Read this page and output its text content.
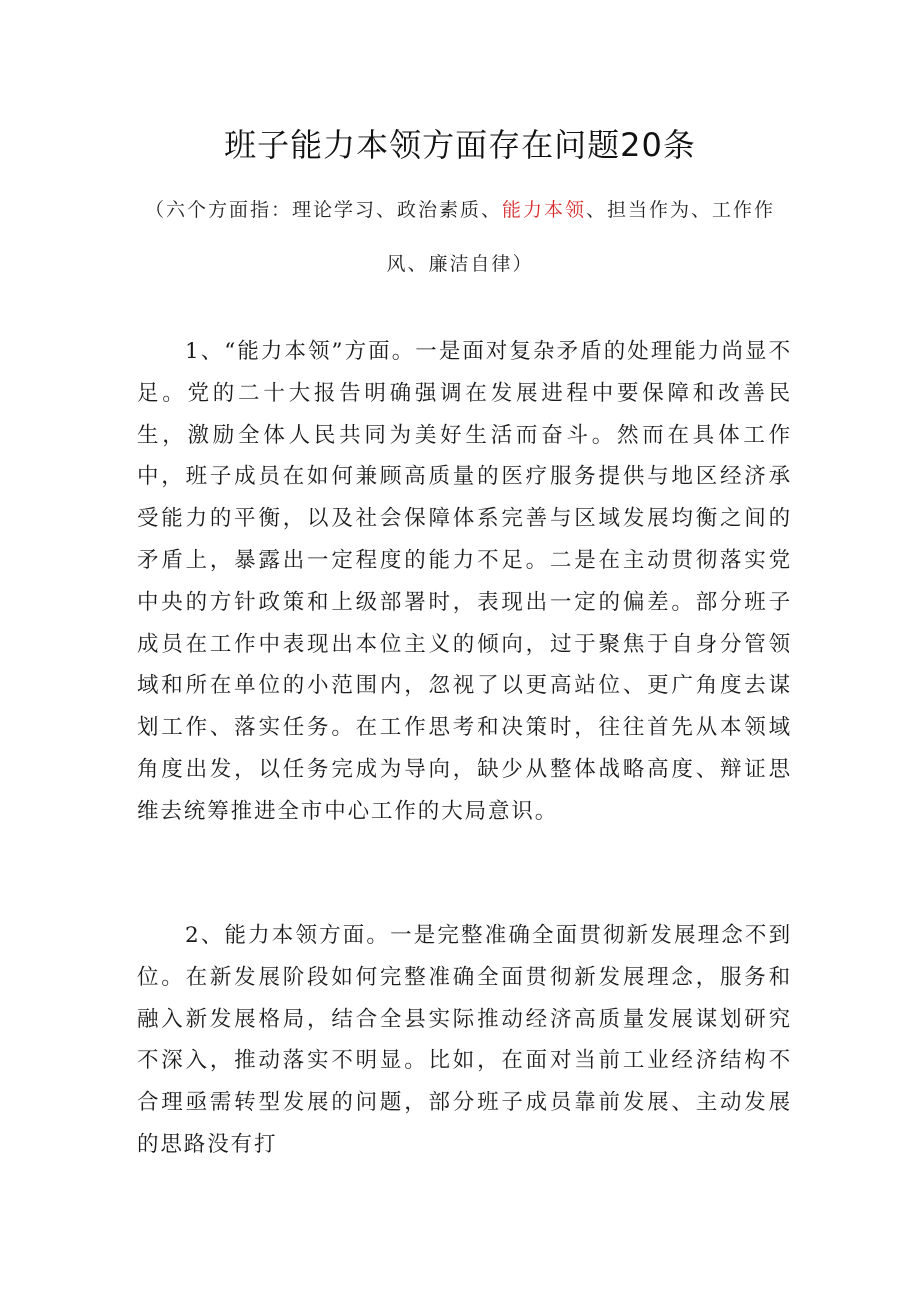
班子能力本领方面存在问题20条
（六个方面指：理论学习、政治素质、能力本领、担当作为、工作作风、廉洁自律）

1、“能力本领”方面。一是面对复杂矛盾的处理能力尚显不足。党的二十大报告明确强调在发展进程中要保障和改善民生，激励全体人民共同为美好生活而奋斗。然而在具体工作中，班子成员在如何兼顾高质量的医疗服务提供与地区经济承受能力的平衡，以及社会保障体系完善与区域发展均衡之间的矛盾上，暴露出一定程度的能力不足。二是在主动贯彻落实党中央的方针政策和上级部署时，表现出一定的偏差。部分班子成员在工作中表现出本位主义的倾向，过于聚焦于自身分管领域和所在单位的小范围内，忽视了以更高站位、更广角度去谋划工作、落实任务。在工作思考和决策时，往往首先从本领域角度出发，以任务完成为导向，缺少从整体战略高度、辩证思维去统筹推进全市中心工作的大局意识。

2、能力本领方面。一是完整准确全面贯彻新发展理念不到位。在新发展阶段如何完整准确全面贯彻新发展理念，服务和融入新发展格局，结合全县实际推动经济高质量发展谋划研究不深入，推动落实不明显。比如，在面对当前工业经济结构不合理亟需转型发展的问题，部分班子成员靠前发展、主动发展的思路没有打
